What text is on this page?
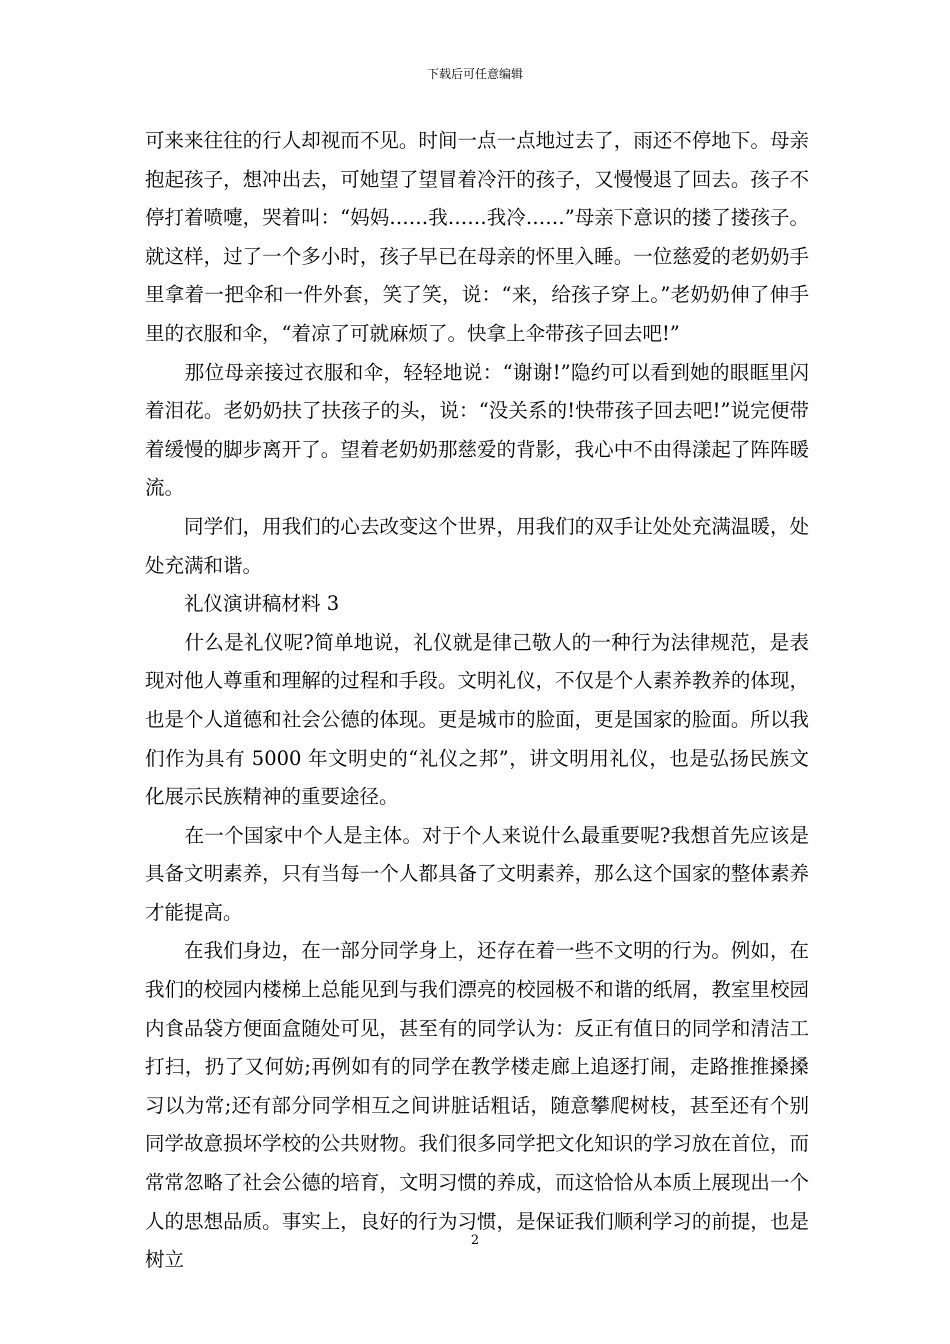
下载后可任意编辑

可来来往往的行人却视而不见。时间一点一点地过去了，雨还不停地下。母亲抱起孩子，想冲出去，可她望了望冒着冷汗的孩子，又慢慢退了回去。孩子不停打着喷嚏，哭着叫：“妈妈……我……我冷……”母亲下意识的搂了搂孩子。就这样，过了一个多小时，孩子早已在母亲的怀里入睡。一位慈爱的老奶奶手里拿着一把伞和一件外套，笑了笑，说：“来，给孩子穿上。”老奶奶伸了伸手里的衣服和伞，“着凉了可就麻烦了。快拿上伞带孩子回去吧!”

　　那位母亲接过衣服和伞，轻轻地说：“谢谢!”隐约可以看到她的眼眶里闪着泪花。老奶奶扶了扶孩子的头，说：“没关系的!快带孩子回去吧!”说完便带着缓慢的脚步离开了。望着老奶奶那慈爱的背影，我心中不由得漾起了阵阵暖流。

　　同学们，用我们的心去改变这个世界，用我们的双手让处处充满温暖，处处充满和谐。

　　礼仪演讲稿材料 3

　　什么是礼仪呢?简单地说，礼仪就是律己敬人的一种行为法律规范，是表现对他人尊重和理解的过程和手段。文明礼仪，不仅是个人素养教养的体现，也是个人道德和社会公德的体现。更是城市的脸面，更是国家的脸面。所以我们作为具有 5000 年文明史的“礼仪之邦”，讲文明用礼仪，也是弘扬民族文化展示民族精神的重要途径。

　　在一个国家中个人是主体。对于个人来说什么最重要呢?我想首先应该是具备文明素养，只有当每一个人都具备了文明素养，那么这个国家的整体素养才能提高。

　　在我们身边，在一部分同学身上，还存在着一些不文明的行为。例如，在我们的校园内楼梯上总能见到与我们漂亮的校园极不和谐的纸屑，教室里校园内食品袋方便面盒随处可见，甚至有的同学认为：反正有值日的同学和清洁工打扫，扔了又何妨;再例如有的同学在教学楼走廊上追逐打闹，走路推推搡搡习以为常;还有部分同学相互之间讲脏话粗话，随意攀爬树枝，甚至还有个别同学故意损坏学校的公共财物。我们很多同学把文化知识的学习放在首位，而常常忽略了社会公德的培育，文明习惯的养成，而这恰恰从本质上展现出一个人的思想品质。事实上，良好的行为习惯，是保证我们顺利学习的前提，也是树立

2
